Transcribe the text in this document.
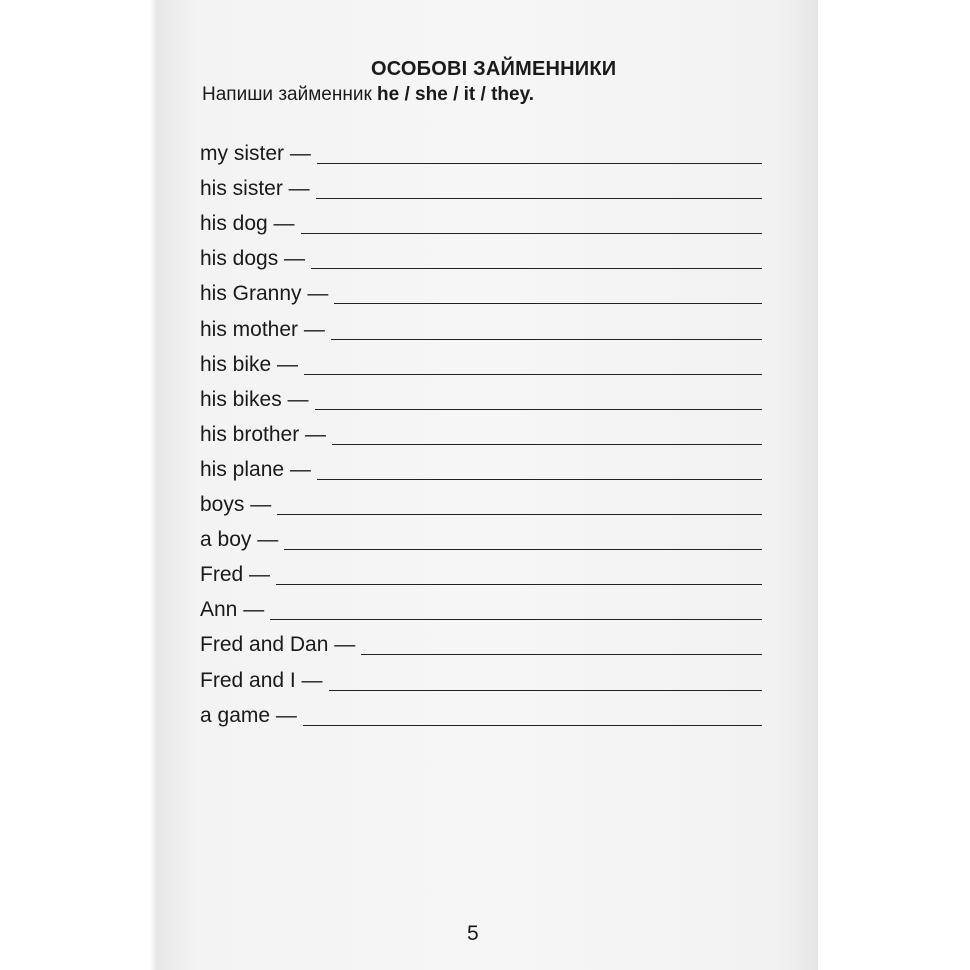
ОСОБОВІ ЗАЙМЕННИКИ
Напиши займенник he / she / it / they.
my sister —
his sister —
his dog —
his dogs —
his Granny —
his mother —
his bike —
his bikes —
his brother —
his plane —
boys —
a boy —
Fred —
Ann —
Fred and Dan —
Fred and I —
a game —
5
